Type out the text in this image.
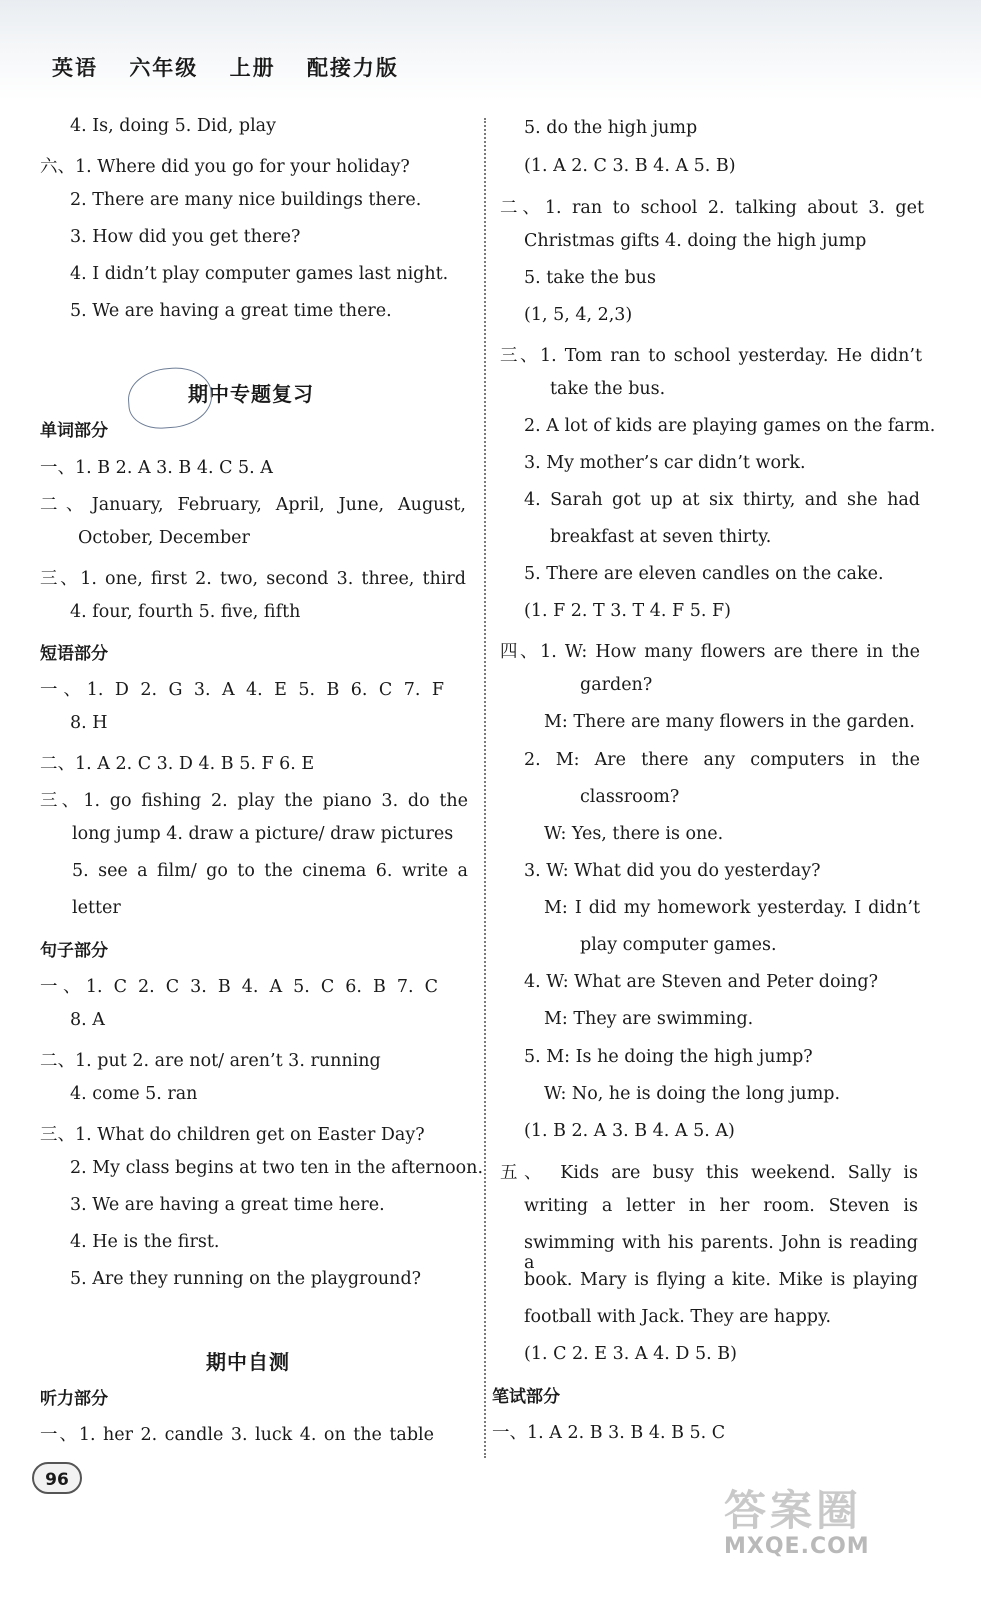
英语 六年级 上册 配接力版
4. Is, doing 5. Did, play
六、1. Where did you go for your holiday?
2. There are many nice buildings there.
3. How did you get there?
4. I didn’t play computer games last night.
5. We are having a great time there.
期中专题复习
单词部分
一、1. B 2. A 3. B 4. C 5. A
二、January, February, April, June, August,
October, December
三、1. one, first 2. two, second 3. three, third
4. four, fourth 5. five, fifth
短语部分
一、1. D 2. G 3. A 4. E 5. B 6. C 7. F
8. H
二、1. A 2. C 3. D 4. B 5. F 6. E
三、1. go fishing 2. play the piano 3. do the
long jump 4. draw a picture/ draw pictures
5. see a film/ go to the cinema 6. write a
letter
句子部分
一、1. C 2. C 3. B 4. A 5. C 6. B 7. C
8. A
二、1. put 2. are not/ aren’t 3. running
4. come 5. ran
三、1. What do children get on Easter Day?
2. My class begins at two ten in the afternoon.
3. We are having a great time here.
4. He is the first.
5. Are they running on the playground?
期中自测
听力部分
一、1. her 2. candle 3. luck 4. on the table
5. do the high jump
(1. A 2. C 3. B 4. A 5. B)
二、1. ran to school 2. talking about 3. get
Christmas gifts 4. doing the high jump
5. take the bus
(1, 5, 4, 2,3)
三、1. Tom ran to school yesterday. He didn’t
take the bus.
2. A lot of kids are playing games on the farm.
3. My mother’s car didn’t work.
4. Sarah got up at six thirty, and she had
breakfast at seven thirty.
5. There are eleven candles on the cake.
(1. F 2. T 3. T 4. F 5. F)
四、1. W: How many flowers are there in the
garden?
M: There are many flowers in the garden.
2. M: Are there any computers in the
classroom?
W: Yes, there is one.
3. W: What did you do yesterday?
M: I did my homework yesterday. I didn’t
play computer games.
4. W: What are Steven and Peter doing?
M: They are swimming.
5. M: Is he doing the high jump?
W: No, he is doing the long jump.
(1. B 2. A 3. B 4. A 5. A)
五、 Kids are busy this weekend. Sally is
writing a letter in her room. Steven is
swimming with his parents. John is reading a
book. Mary is flying a kite. Mike is playing
football with Jack. They are happy.
(1. C 2. E 3. A 4. D 5. B)
笔试部分
一、1. A 2. B 3. B 4. B 5. C
96
答案圈
MXQE.COM
